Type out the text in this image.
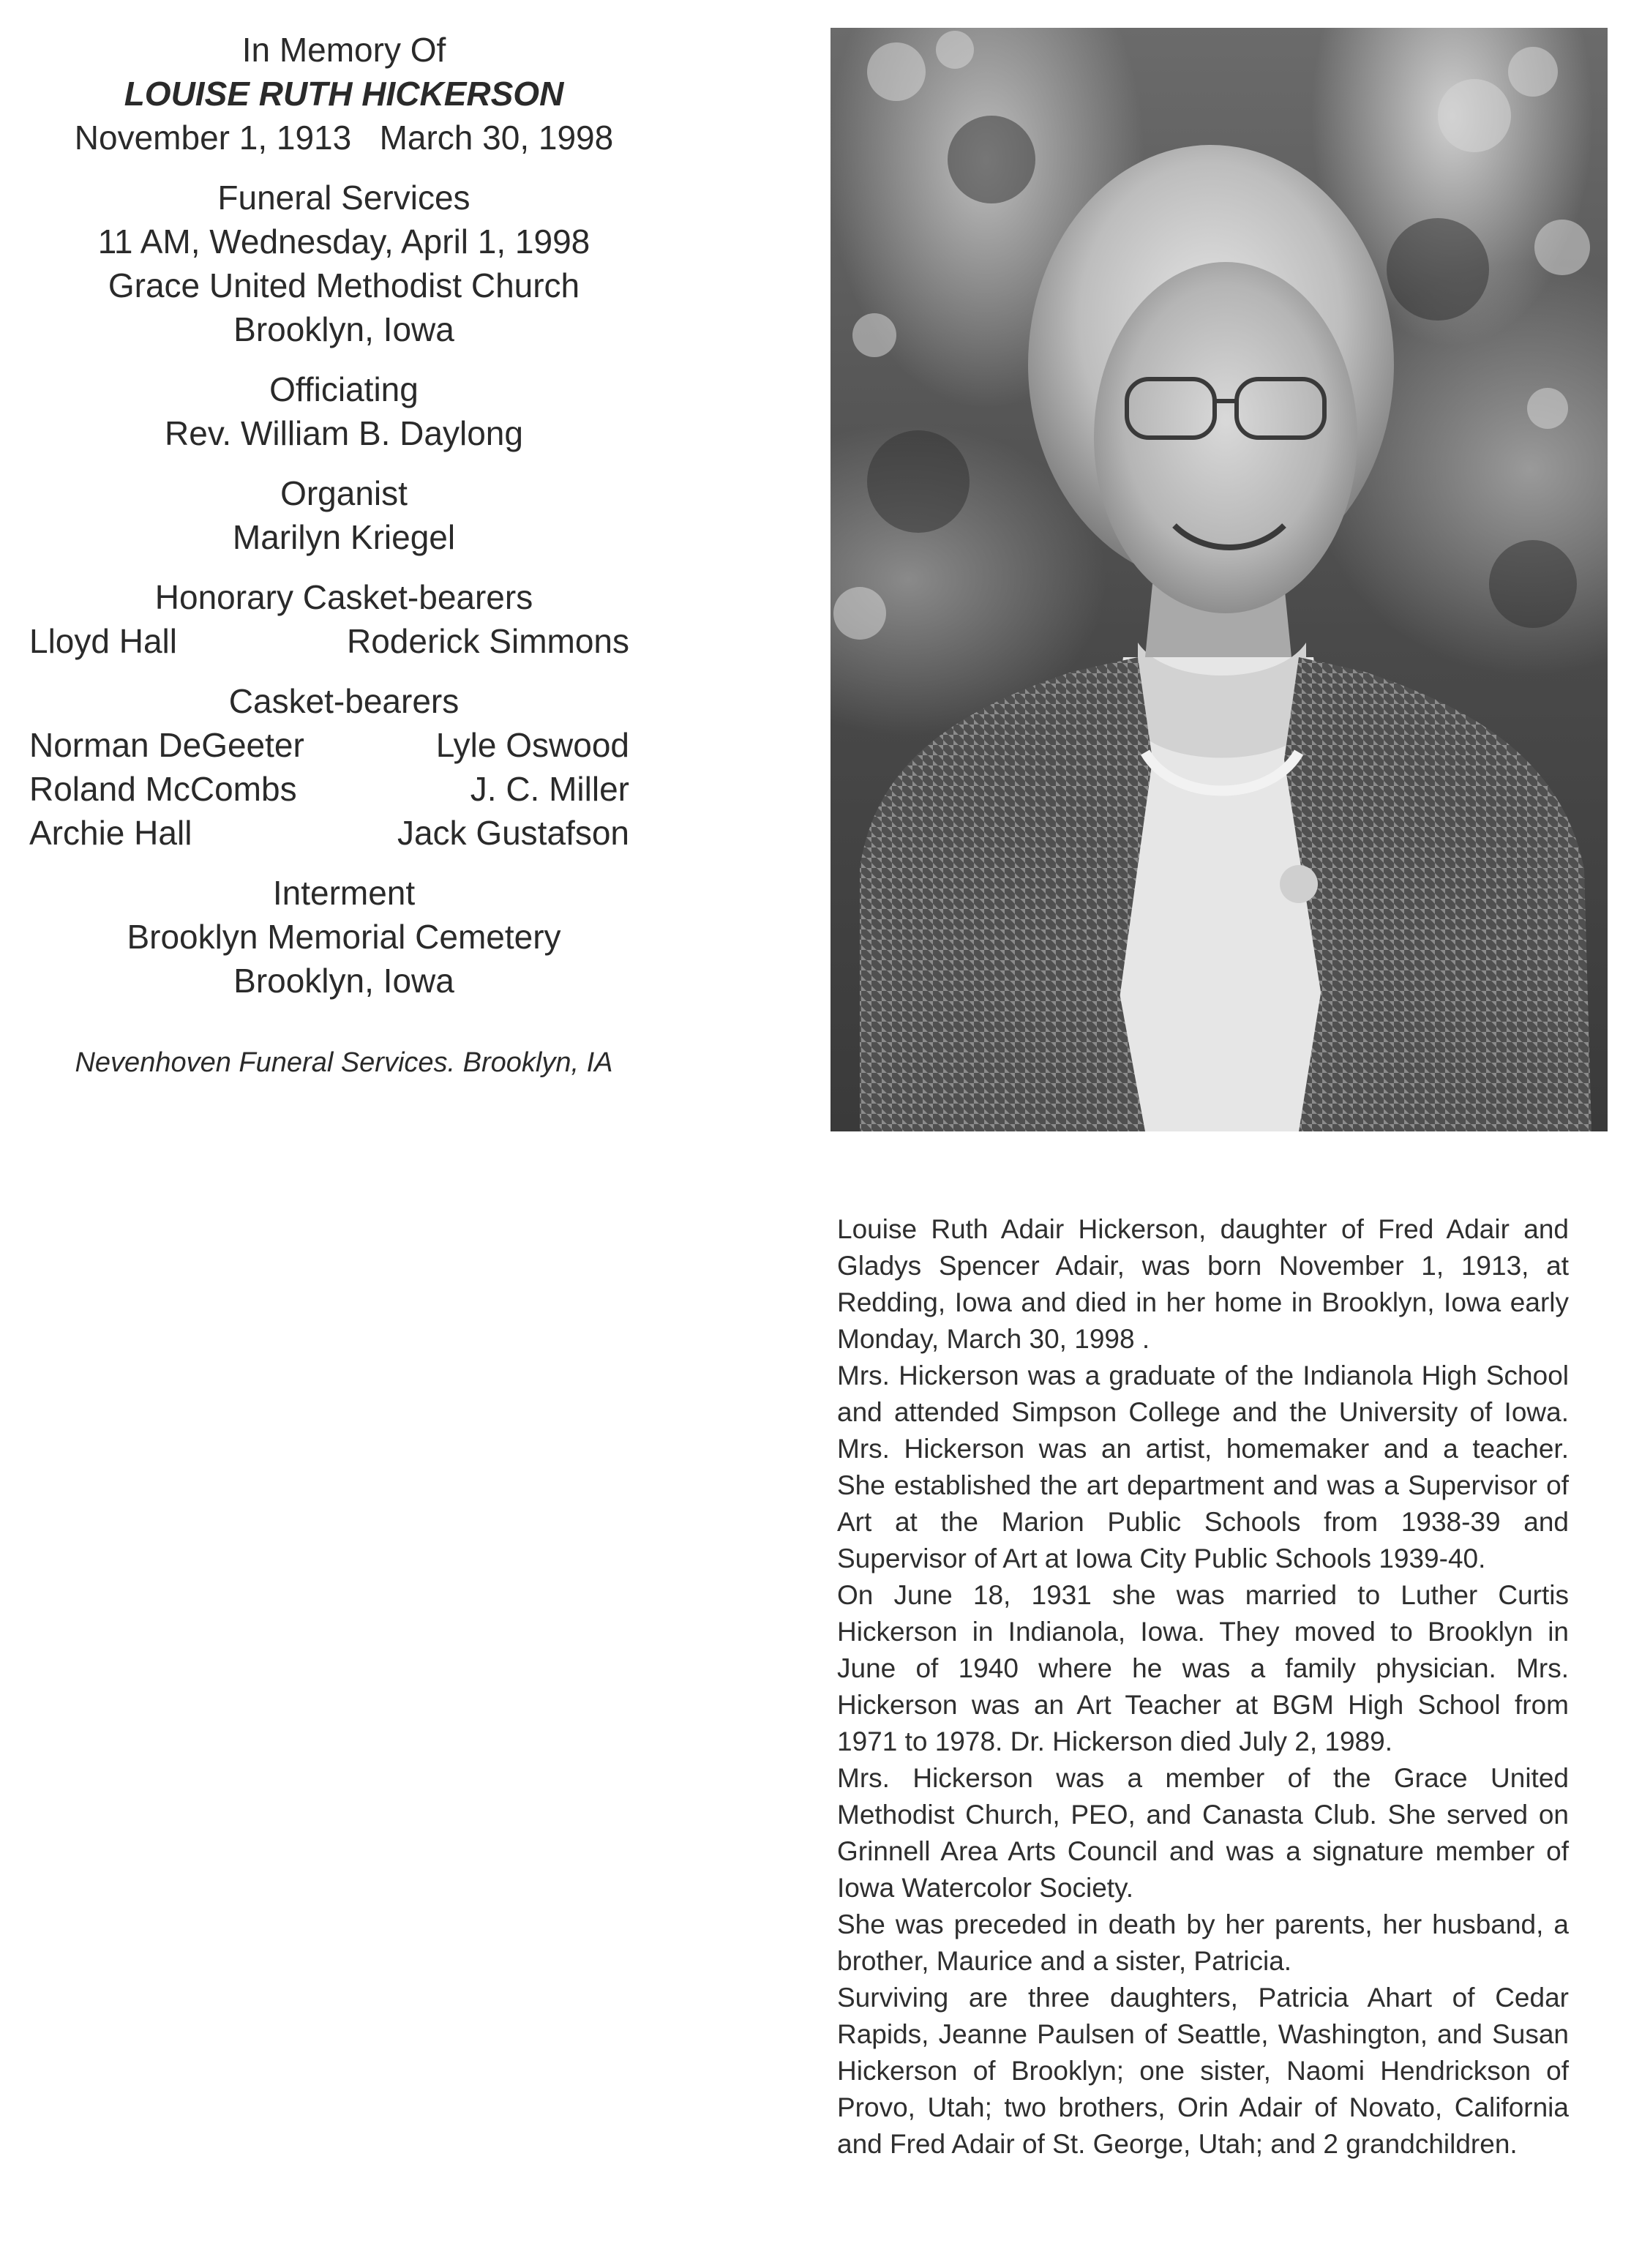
In Memory Of
LOUISE RUTH HICKERSON
November 1, 1913   March 30, 1998
Funeral Services
11 AM, Wednesday, April 1, 1998
Grace United Methodist Church
Brooklyn, Iowa
Officiating
Rev. William B. Daylong
Organist
Marilyn Kriegel
Honorary Casket-bearers
Lloyd Hall	Roderick Simmons
Casket-bearers
Norman DeGeeter	Lyle Oswood
Roland McCombs	J. C. Miller
Archie Hall	Jack Gustafson
Interment
Brooklyn Memorial Cemetery
Brooklyn, Iowa
Nevenhoven Funeral Services. Brooklyn, IA

Louise Ruth Adair Hickerson, daughter of Fred Adair and Gladys Spencer Adair, was born November 1, 1913, at Redding, Iowa and died in her home in Brooklyn, Iowa early Monday, March 30, 1998 .

Mrs. Hickerson was a graduate of the Indianola High School and attended Simpson College and the University of Iowa. Mrs. Hickerson was an artist, homemaker and a teacher. She established the art department and was a Supervisor of Art at the Marion Public Schools from 1938-39 and Supervisor of Art at Iowa City Public Schools 1939-40.

On June 18, 1931 she was married to Luther Curtis Hickerson in Indianola, Iowa. They moved to Brooklyn in June of 1940 where he was a family physician. Mrs. Hickerson was an Art Teacher at BGM High School from 1971 to 1978. Dr. Hickerson died July 2, 1989.

Mrs. Hickerson was a member of the Grace United Methodist Church, PEO, and Canasta Club. She served on Grinnell Area Arts Council and was a signature member of Iowa Watercolor Society.

She was preceded in death by her parents, her husband, a brother, Maurice and a sister, Patricia.

Surviving are three daughters, Patricia Ahart of Cedar Rapids, Jeanne Paulsen of Seattle, Washington, and Susan Hickerson of Brooklyn; one sister, Naomi Hendrickson of Provo, Utah; two brothers, Orin Adair of Novato, California and Fred Adair of St. George, Utah; and 2 grandchildren.
